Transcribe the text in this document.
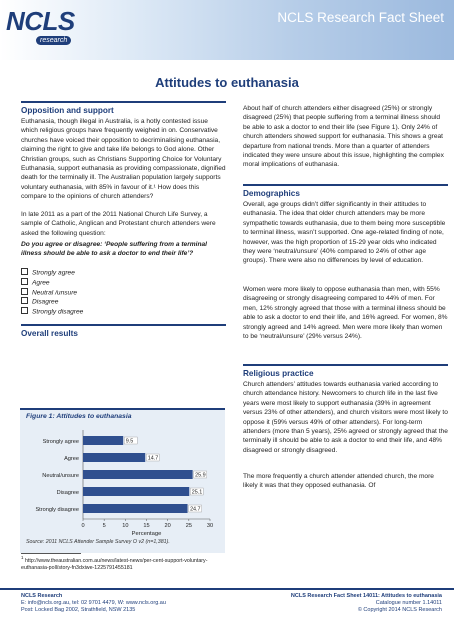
NCLS
research
NCLS Research Fact Sheet
Attitudes to euthanasia
Opposition and support
Euthanasia, though illegal in Australia, is a hotly contested issue which religious groups have frequently weighed in on. Conservative churches have voiced their opposition to decriminalising euthanasia, claiming the right to give and take life belongs to God alone. Other Christian groups, such as Christians Supporting Choice for Voluntary Euthanasia, support euthanasia as providing compassionate, dignified death for the terminally ill. The Australian population largely supports voluntary euthanasia, with 85% in favour of it.¹ How does this compare to the opinions of church attenders?
In late 2011 as a part of the 2011 National Church Life Survey, a sample of Catholic, Anglican and Protestant church attenders were asked the following question:
Do you agree or disagree: ‘People suffering from a terminal illness should be able to ask a doctor to end their life’?
Strongly agree
Agree
Neutral /unsure
Disagree
Strongly disagree
Overall results
Figure 1: Attitudes to euthanasia
Strongly agree	9.5
Agree	14.7
Neutral/unsure	25.9
Disagree	25.1
Strongly disagree	24.7
0	5	10	15	20	25	30
Percentage
Source: 2011 NCLS Attender Sample Survey O v2 (n=1,381).
$^1$ http://www.theaustralian.com.au/news/latest-news/per-cent-support-voluntary-euthanasia-poll/story-fn3dxiwe-1225791455181
About half of church attenders either disagreed (25%) or strongly disagreed (25%) that people suffering from a terminal illness should be able to ask a doctor to end their life (see Figure 1). Only 24% of church attenders showed support for euthanasia. This shows a great departure from national trends. More than a quarter of attenders indicated they were unsure about this issue, highlighting the complex moral implications of euthanasia.
Demographics
Overall, age groups didn’t differ significantly in their attitudes to euthanasia. The idea that older church attenders may be more sympathetic towards euthanasia, due to them being more susceptible to terminal illness, wasn’t supported. One age-related finding of note, however, was the high proportion of 15-29 year olds who indicated they were ‘neutral/unsure’ (40% compared to 24% of other age groups). There were also no differences by level of education.
Women were more likely to oppose euthanasia than men, with 55% disagreeing or strongly disagreeing compared to 44% of men. For men, 12% strongly agreed that those with a terminal illness should be able to ask a doctor to end their life, and 16% agreed. For women, 8% strongly agreed and 14% agreed. Men were more likely than women to be ‘neutral/unsure’ (29% versus 24%).
Religious practice
Church attenders’ attitudes towards euthanasia varied according to church attendance history. Newcomers to church life in the last five years were most likely to support euthanasia (39% in agreement versus 23% of other attenders), and church visitors were most likely to oppose it (59% versus 49% of other attenders). For long-term attenders (more than 5 years), 25% agreed or strongly agreed that the terminally ill should be able to ask a doctor to end their life, and 48% disagreed or strongly disagreed.
The more frequently a church attender attended church, the more likely it was that they opposed euthanasia. Of
NCLS Research
E: info@ncls.org.au, tel: 02 9701 4479, W: www.ncls.org.au
Post: Locked Bag 2002, Strathfield, NSW 2135
NCLS Research Fact Sheet 14011: Attitudes to euthanasia
Catalogue number 1.14011
© Copyright 2014 NCLS Research
